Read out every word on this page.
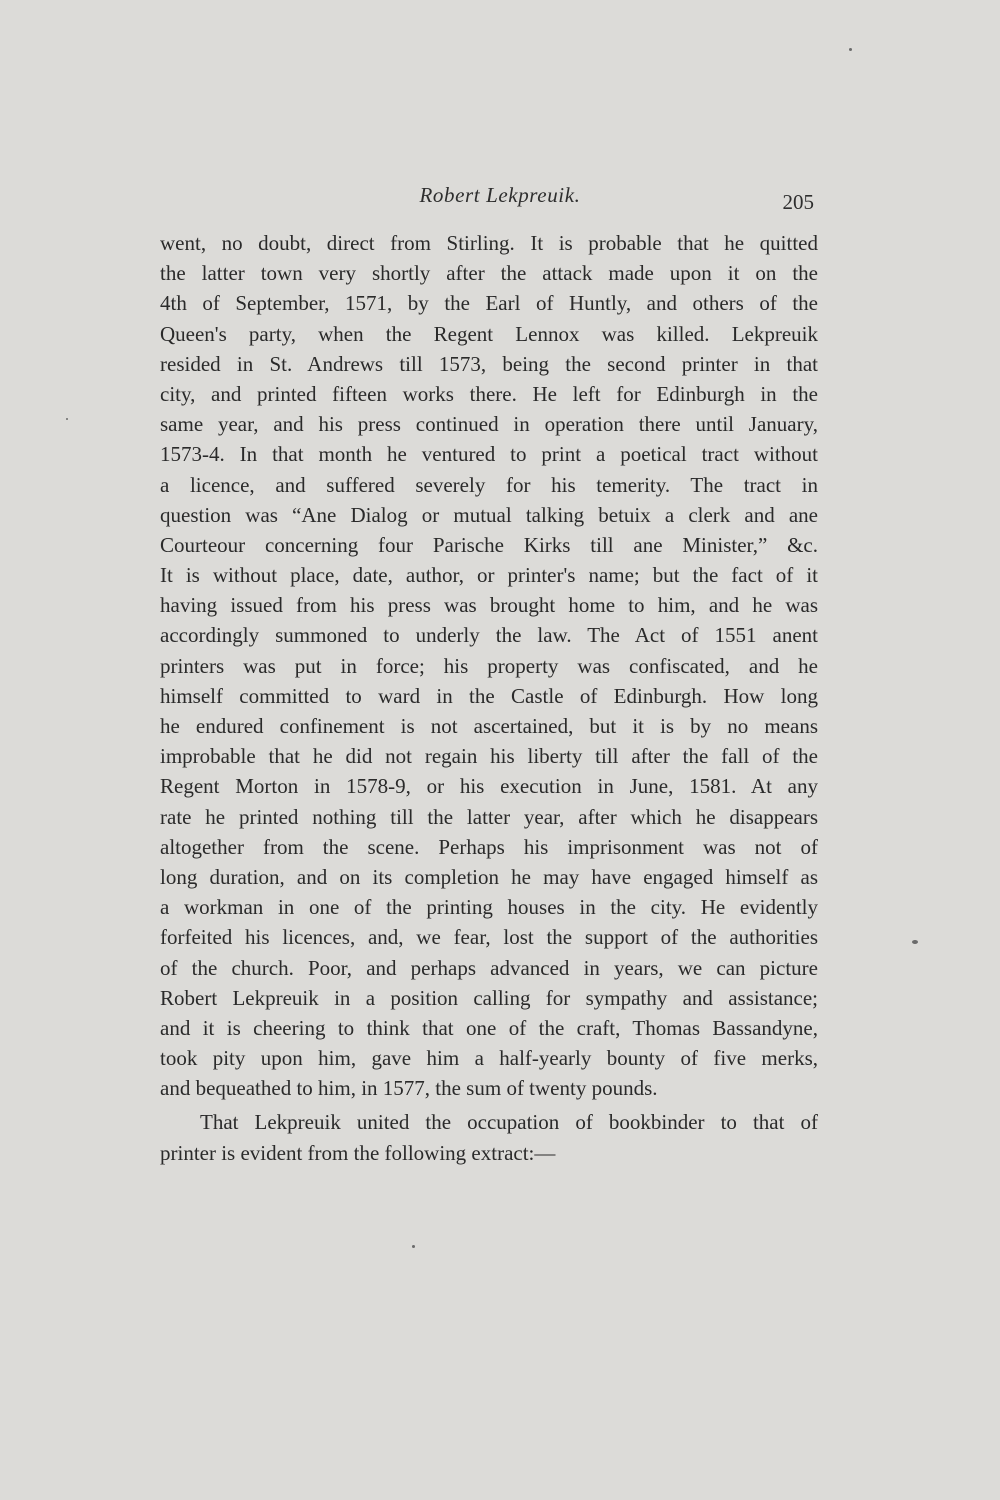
Robert Lekpreuik.	205
went, no doubt, direct from Stirling. It is probable that he quitted
the latter town very shortly after the attack made upon it on the
4th of September, 1571, by the Earl of Huntly, and others of the
Queen's party, when the Regent Lennox was killed. Lekpreuik
resided in St. Andrews till 1573, being the second printer in that
city, and printed fifteen works there. He left for Edinburgh in the
same year, and his press continued in operation there until January,
1573-4. In that month he ventured to print a poetical tract without
a licence, and suffered severely for his temerity. The tract in
question was “Ane Dialog or mutual talking betuix a clerk and ane
Courteour concerning four Parische Kirks till ane Minister,” &c.
It is without place, date, author, or printer's name; but the fact of it
having issued from his press was brought home to him, and he was
accordingly summoned to underly the law. The Act of 1551 anent
printers was put in force; his property was confiscated, and he
himself committed to ward in the Castle of Edinburgh. How long
he endured confinement is not ascertained, but it is by no means
improbable that he did not regain his liberty till after the fall of the
Regent Morton in 1578-9, or his execution in June, 1581. At any
rate he printed nothing till the latter year, after which he disappears
altogether from the scene. Perhaps his imprisonment was not of
long duration, and on its completion he may have engaged himself as
a workman in one of the printing houses in the city. He evidently
forfeited his licences, and, we fear, lost the support of the authorities
of the church. Poor, and perhaps advanced in years, we can picture
Robert Lekpreuik in a position calling for sympathy and assistance;
and it is cheering to think that one of the craft, Thomas Bassandyne,
took pity upon him, gave him a half-yearly bounty of five merks,
and bequeathed to him, in 1577, the sum of twenty pounds.
That Lekpreuik united the occupation of bookbinder to that of
printer is evident from the following extract:—
